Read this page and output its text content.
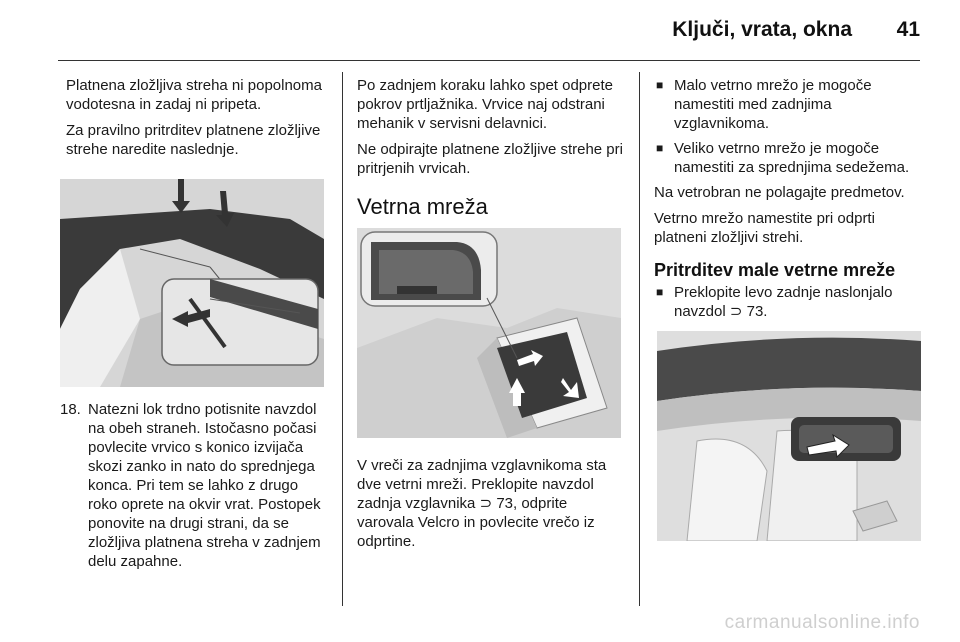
Ključi, vrata, okna 41

Platnena zložljiva streha ni popolnoma vodotesna in zadaj ni pripeta.

Za pravilno pritrditev platnene zložljive strehe naredite naslednje.

18. Natezni lok trdno potisnite navzdol na obeh straneh. Istočasno počasi povlecite vrvico s konico izvijača skozi zanko in nato do sprednjega konca. Pri tem se lahko z drugo roko oprete na okvir vrat. Postopek ponovite na drugi strani, da se zložljiva platnena streha v zadnjem delu zapahne.

Po zadnjem koraku lahko spet odprete pokrov prtljažnika. Vrvice naj odstrani mehanik v servisni delavnici.

Ne odpirajte platnene zložljive strehe pri pritrjenih vrvicah.

Vetrna mreža
V vreči za zadnjima vzglavnikoma sta dve vetrni mreži. Preklopite navzdol zadnja vzglavnika ⊃ 73, odprite varovala Velcro in povlecite vrečo iz odprtine.
■ Malo vetrno mrežo je mogoče namestiti med zadnjima vzglavnikoma.
■ Veliko vetrno mrežo je mogoče namestiti za sprednjima sedežema.

Na vetrobran ne polagajte predmetov.

Vetrno mrežo namestite pri odprti platneni zložljivi strehi.

Pritrditev male vetrne mreže
■ Preklopite levo zadnje naslonjalo navzdol ⊃ 73.
carmanualsonline.info
